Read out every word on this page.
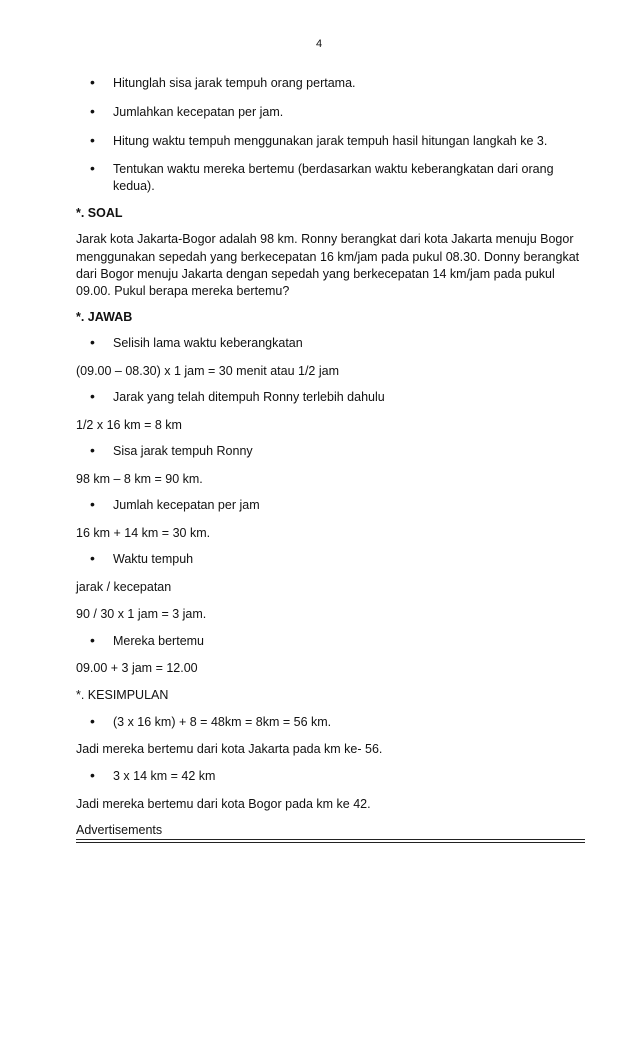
4
• Hitunglah sisa jarak tempuh orang pertama.
• Jumlahkan kecepatan per jam.
• Hitung waktu tempuh menggunakan jarak tempuh hasil hitungan langkah ke 3.
• Tentukan waktu mereka bertemu (berdasarkan waktu keberangkatan dari orang
kedua).
*. SOAL
Jarak kota Jakarta-Bogor adalah 98 km. Ronny berangkat dari kota Jakarta menuju Bogor
menggunakan sepedah yang berkecepatan 16 km/jam pada pukul 08.30. Donny berangkat
dari Bogor menuju Jakarta dengan sepedah yang berkecepatan 14 km/jam pada pukul
09.00. Pukul berapa mereka bertemu?
*. JAWAB
• Selisih lama waktu keberangkatan
(09.00 – 08.30) x 1 jam = 30 menit atau 1/2 jam
• Jarak yang telah ditempuh Ronny terlebih dahulu
1/2 x 16 km = 8 km
• Sisa jarak tempuh Ronny
98 km – 8 km = 90 km.
• Jumlah kecepatan per jam
16 km + 14 km = 30 km.
• Waktu tempuh
jarak / kecepatan
90 / 30 x 1 jam = 3 jam.
• Mereka bertemu
09.00 + 3 jam = 12.00
*. KESIMPULAN
• (3 x 16 km) + 8 = 48km = 8km = 56 km.
Jadi mereka bertemu dari kota Jakarta pada km ke- 56.
• 3 x 14 km = 42 km
Jadi mereka bertemu dari kota Bogor pada km ke 42.
Advertisements
